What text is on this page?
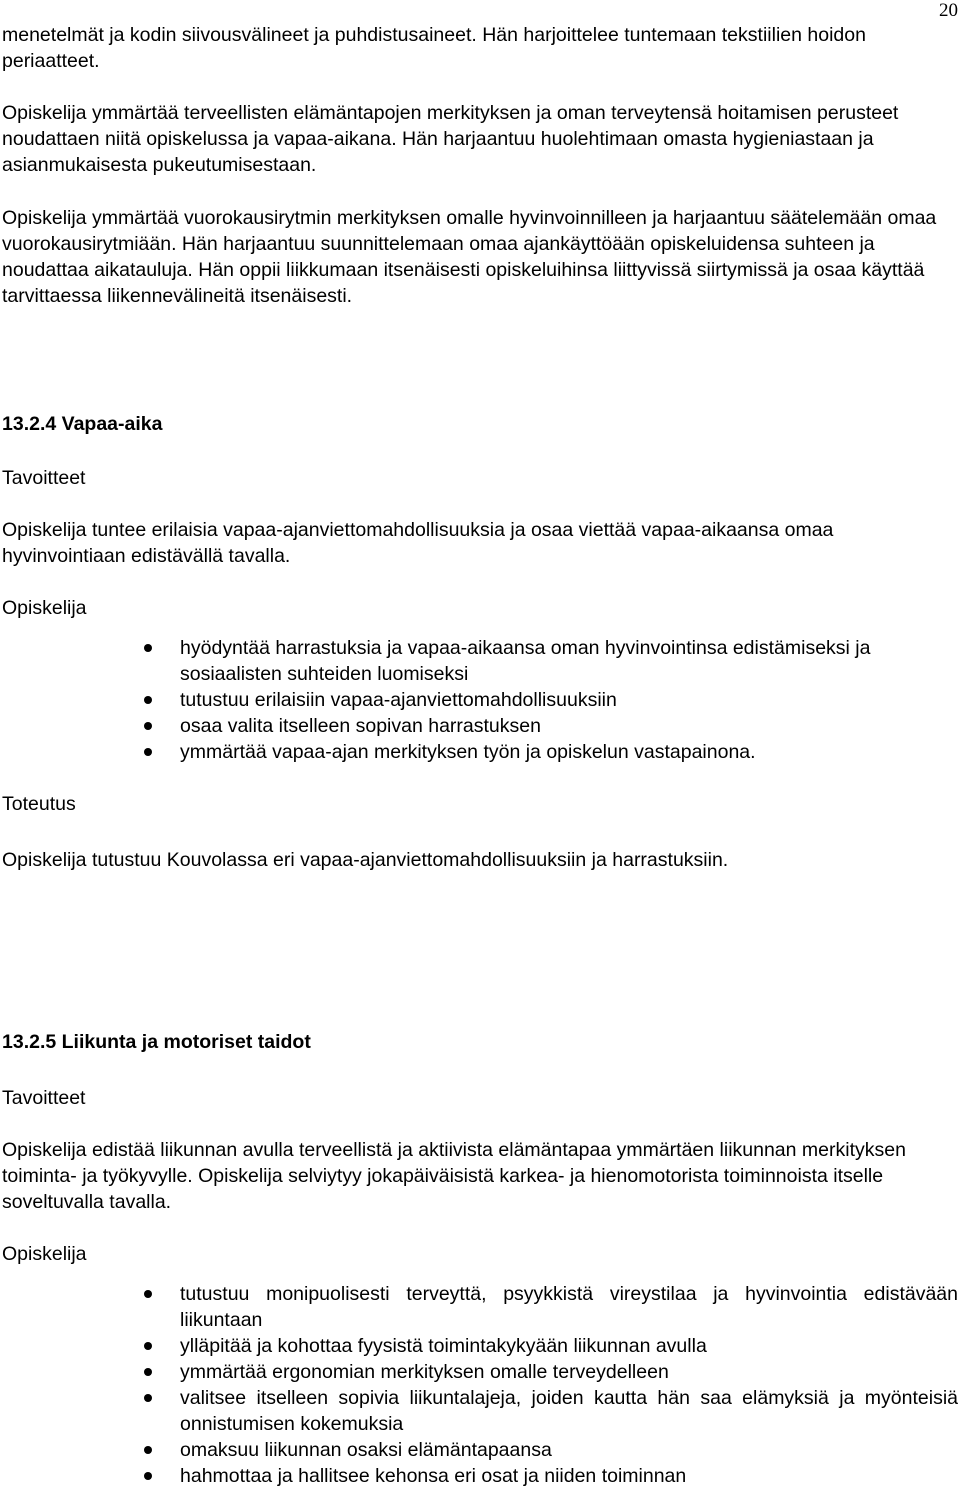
20

menetelmät ja kodin siivousvälineet ja puhdistusaineet. Hän harjoittelee tuntemaan tekstiilien hoidon periaatteet.

Opiskelija ymmärtää terveellisten elämäntapojen merkityksen ja oman terveytensä hoitamisen perusteet noudattaen niitä opiskelussa ja vapaa-aikana. Hän harjaantuu huolehtimaan omasta hygieniastaan ja asianmukaisesta pukeutumisestaan.

Opiskelija ymmärtää vuorokausirytmin merkityksen omalle hyvinvoinnilleen ja harjaantuu säätelemään omaa vuorokausirytmiään. Hän harjaantuu suunnittelemaan omaa ajankäyttöään opiskeluidensa suhteen ja noudattaa aikatauluja. Hän oppii liikkumaan itsenäisesti opiskeluihinsa liittyvissä siirtymissä ja osaa käyttää tarvittaessa liikennevälineitä itsenäisesti.

13.2.4 Vapaa-aika

Tavoitteet

Opiskelija tuntee erilaisia vapaa-ajanviettomahdollisuuksia ja osaa viettää vapaa-aikaansa omaa hyvinvointiaan edistävällä tavalla.

Opiskelija

hyödyntää harrastuksia ja vapaa-aikaansa oman hyvinvointinsa edistämiseksi ja sosiaalisten suhteiden luomiseksi
tutustuu erilaisiin vapaa-ajanviettomahdollisuuksiin
osaa valita itselleen sopivan harrastuksen
ymmärtää vapaa-ajan merkityksen työn ja opiskelun vastapainona.

Toteutus

Opiskelija tutustuu Kouvolassa eri vapaa-ajanviettomahdollisuuksiin ja harrastuksiin.

13.2.5 Liikunta ja motoriset taidot

Tavoitteet

Opiskelija edistää liikunnan avulla terveellistä ja aktiivista elämäntapaa ymmärtäen liikunnan merkityksen toiminta- ja työkyvylle. Opiskelija selviytyy jokapäiväisistä karkea- ja hienomotorista toiminnoista itselle soveltuvalla tavalla.

Opiskelija

tutustuu monipuolisesti terveyttä, psyykkistä vireystilaa ja hyvinvointia edistävään liikuntaan
ylläpitää ja kohottaa fyysistä toimintakykyään liikunnan avulla
ymmärtää ergonomian merkityksen omalle terveydelleen
valitsee itselleen sopivia liikuntalajeja, joiden kautta hän saa elämyksiä ja myönteisiä onnistumisen kokemuksia
omaksuu liikunnan osaksi elämäntapaansa
hahmottaa ja hallitsee kehonsa eri osat ja niiden toiminnan
